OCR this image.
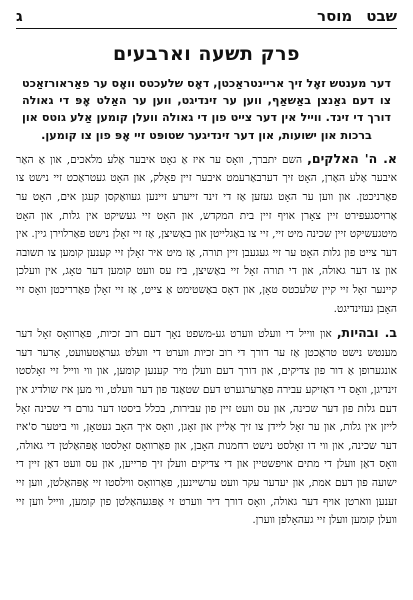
ג	שבט
מוסר
פרק תשעה וארבעים

דער מענטש זאָל זיך אריינטראַכטן, דאָס שלעכטס וואָס ער פאַראורזאַכט צו דעם גאַנצן באַשאַף, ווען ער זינדיגט, ווען ער האַלט אָפּ די גאולה דורך די זינד. ווייל אין דער צייט פון די גאולה וועלן קומען אַלע גוטס און ברכות און ישועות, און דער זינדיגער שטופּט זיי אָפּ פון צו קומען.

א. ה' האלקים, השם יתברך, וואָס ער איז אַ גאָט איבער אַלע מלאכים, און אַ האַר איבער אַלע האַרן, האָט זיך דערבאַרעמט איבער זיין פאָלק, און האָט געטראַכט זיי נישט צו פאַרניכטן. און ווען ער האָט געזען אַז די זינד זייערע זיינען געוואַקסן קעגן אים, האָט ער אַרויסגעפירט זיין צאָרן אויף זיין בית המקדש, און האָט זיי געשיקט אין גלות, און האָט מיטגעשיקט זיין שכינה מיט זיי, זיי צו באַגלייטן און באַשיצן, אַז זיי זאָלן נישט פאַרלוירן גיין. אין דער צייט פון גלות האָט ער זיי געגעבן זיין תורה, אַז מיט איר זאָלן זיי קענען קומען צו תשובה און צו דער גאולה, און די תורה זאָל זיי באַשיצן, ביז עס וועט קומען דער טאָג, אין וועלכן קיינער זאָל זיי קיין שלעכטס טאָן, און דאָס באַשטימט אַ צייט, אַז זיי זאָלן פאַרריכטן וואָס זיי האָבן געזינדיגט.

ב. ובהיות, און ווייל די וועלט ווערט גע-משפט נאָך דעם רוב זכיות, פאַרוואָס זאָל דער מענטש נישט טראַכטן אַז ער דורך די רוב זכיות ווערט די וועלט געראַטעוועט, אָדער דער אונגערופן אַ דור פון צדיקים, און דורך דעם וועלן מיר קענען קומען, און ווי ווייל זיי זאָלסטו זינדיגן, וואָס די דאַזיקע עבירה פאַרערגערט דעם שטאַנד פון דער וועלט, ווי מען איז שולדיג אין דעם גלות פון דער שכינה, און עס וועט זיין פון עבירות, בכלל ביסטו דער גורם די שכינה זאָל לייזן אין גלות, און ער זאָל ליידן צו זיך אַליין און זאָגן, וואָס איך האָב געטאָן, ווי ביטער ס'איז דער שכינה, און ווי דו זאָלסט נישט רחמנות האָבן, און פאַרוואָס זאָלסטו אָפּהאַלטן די גאולה, וואָס דאַן וועלן די מתים אויפשטיין און די צדיקים וועלן זיך פרייען, און עס וועט דאַן זיין די ישועה פון דעם אמת, און יעדער עקר וועט ערשיינען, פאַרוואָס ווילסטו זיי אָפּהאַלטן, ווען זיי זענען ווארטן אויף דער גאולה, וואָס דורך דיר ווערט זי אָפּגעהאַלטן פון קומען, ווייל ווען זיי וועלן קומען וועלן זיי געהאָלפן ווערן.
